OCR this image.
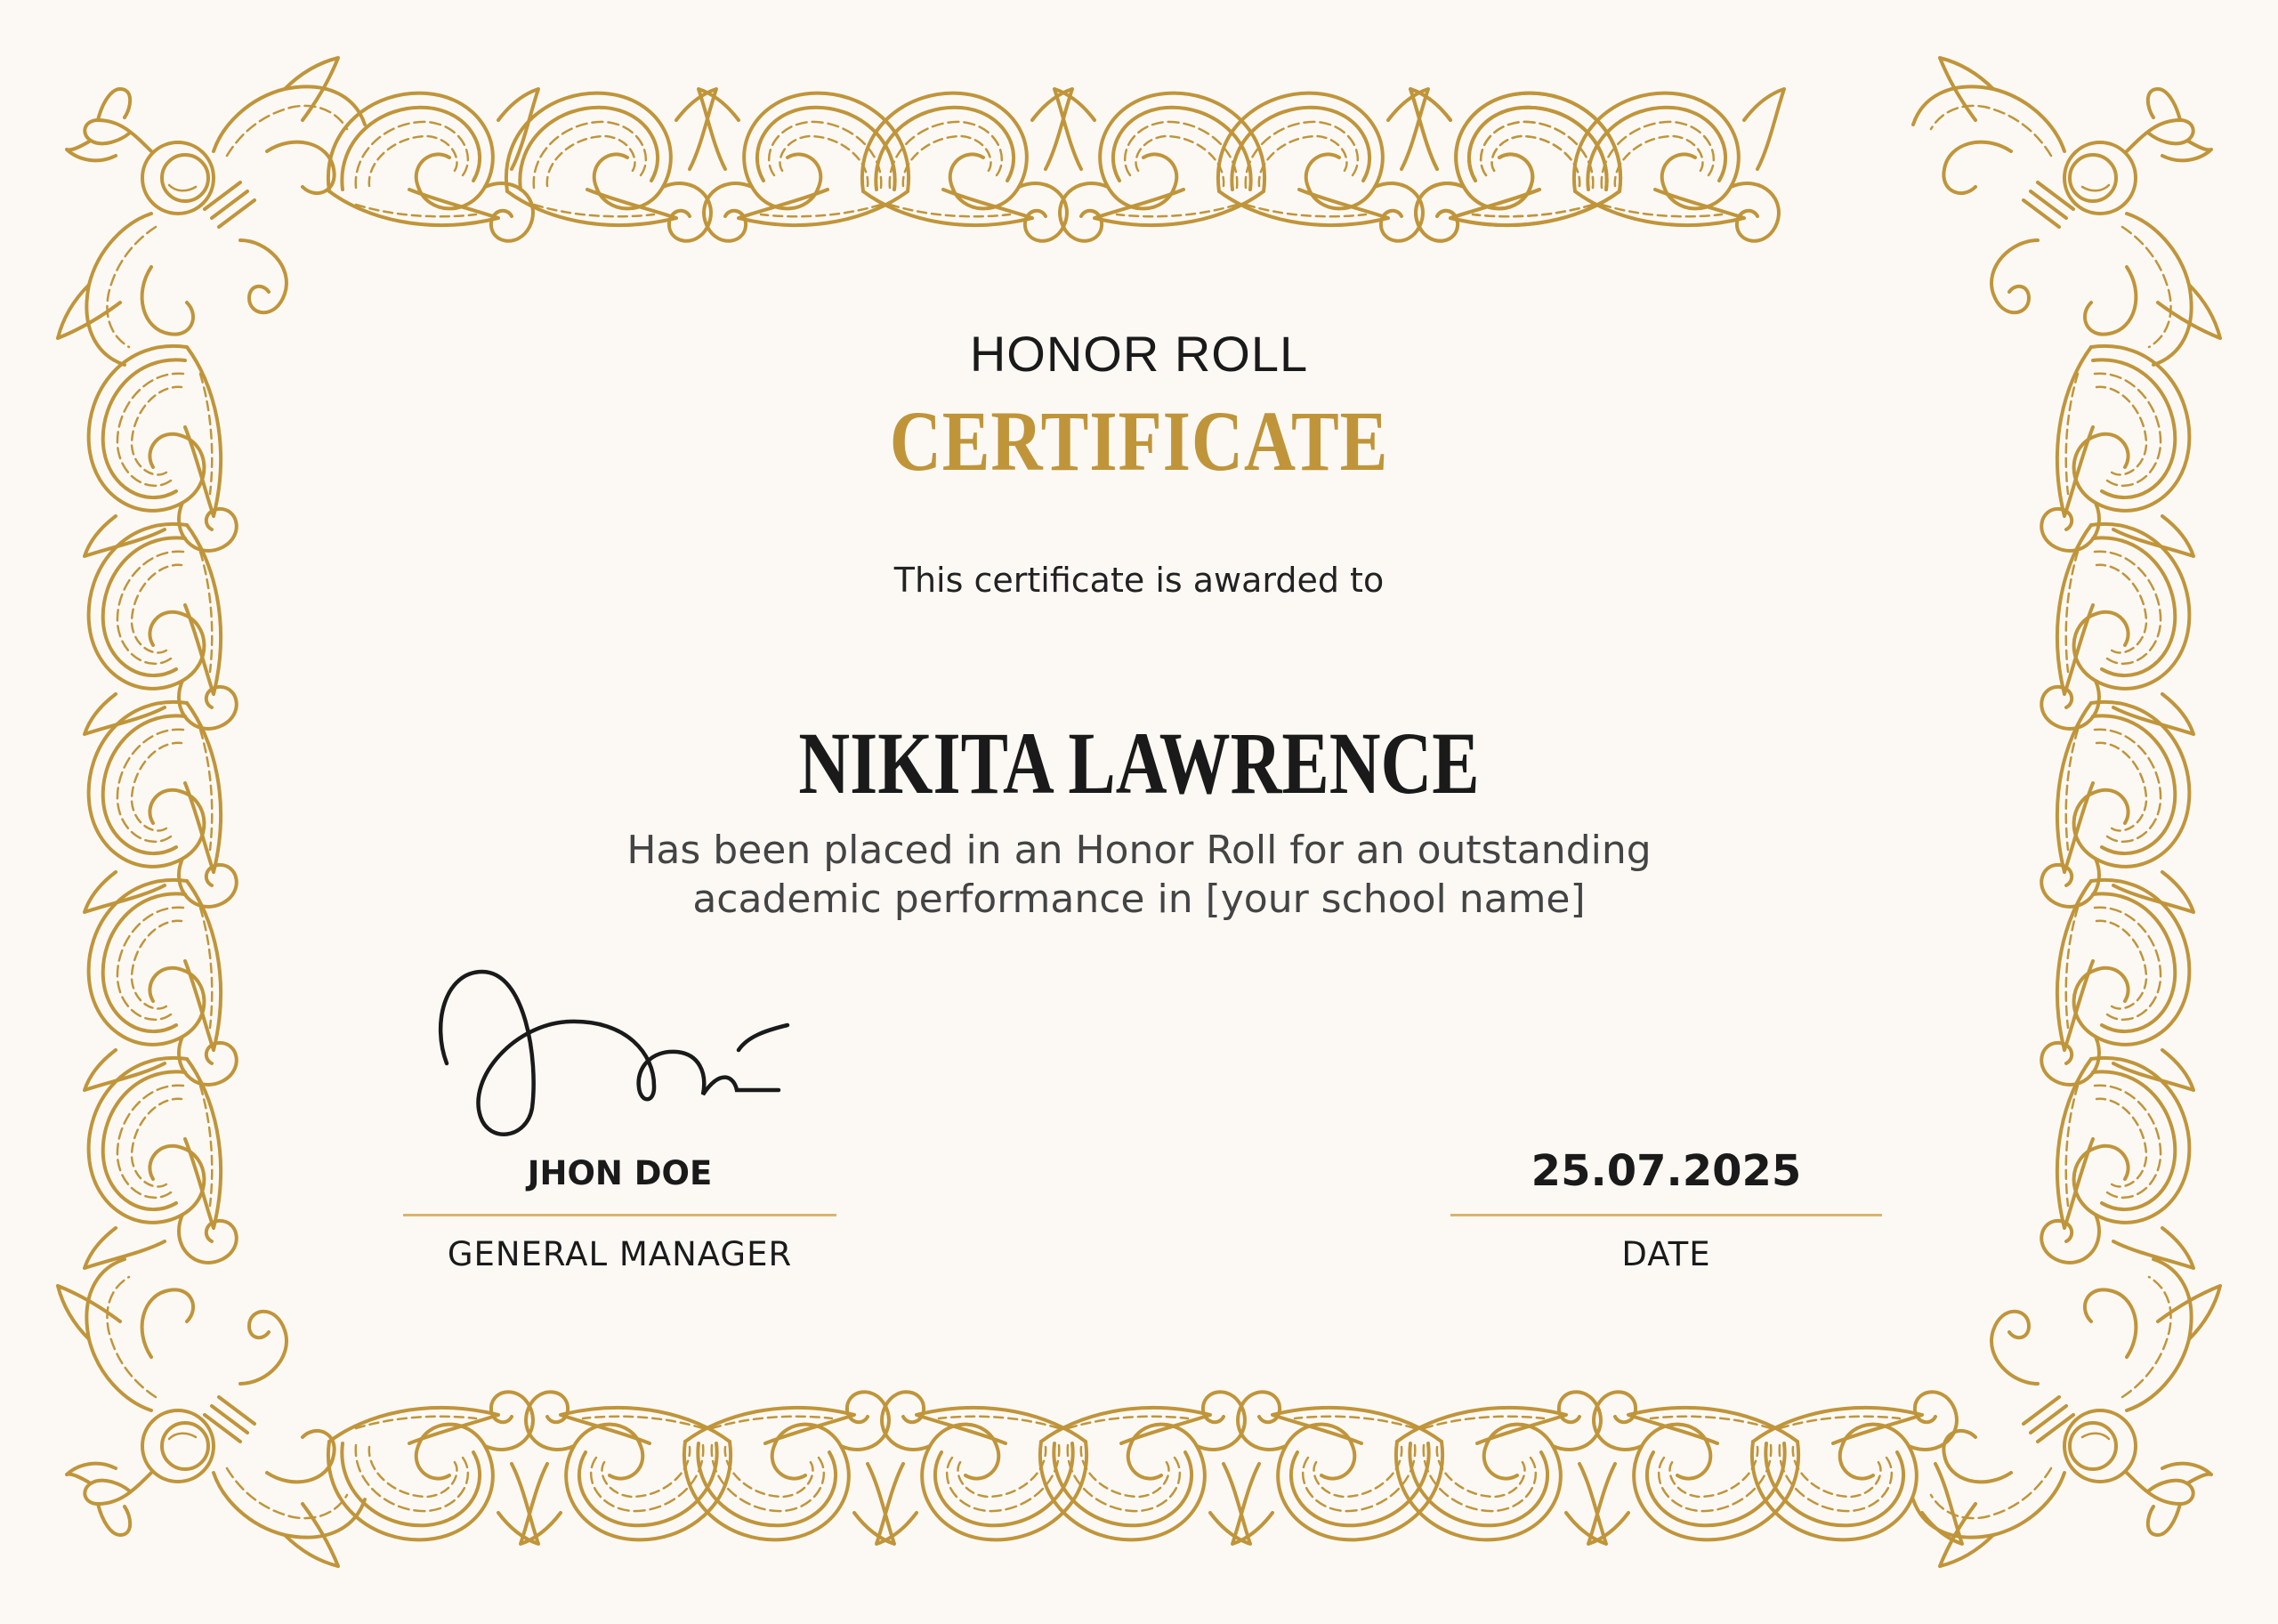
HONOR ROLL
CERTIFICATE
This certificate is awarded to
NIKITA LAWRENCE
Has been placed in an Honor Roll for an outstanding
academic performance in [your school name]
JHON DOE
GENERAL MANAGER
25.07.2025
DATE
